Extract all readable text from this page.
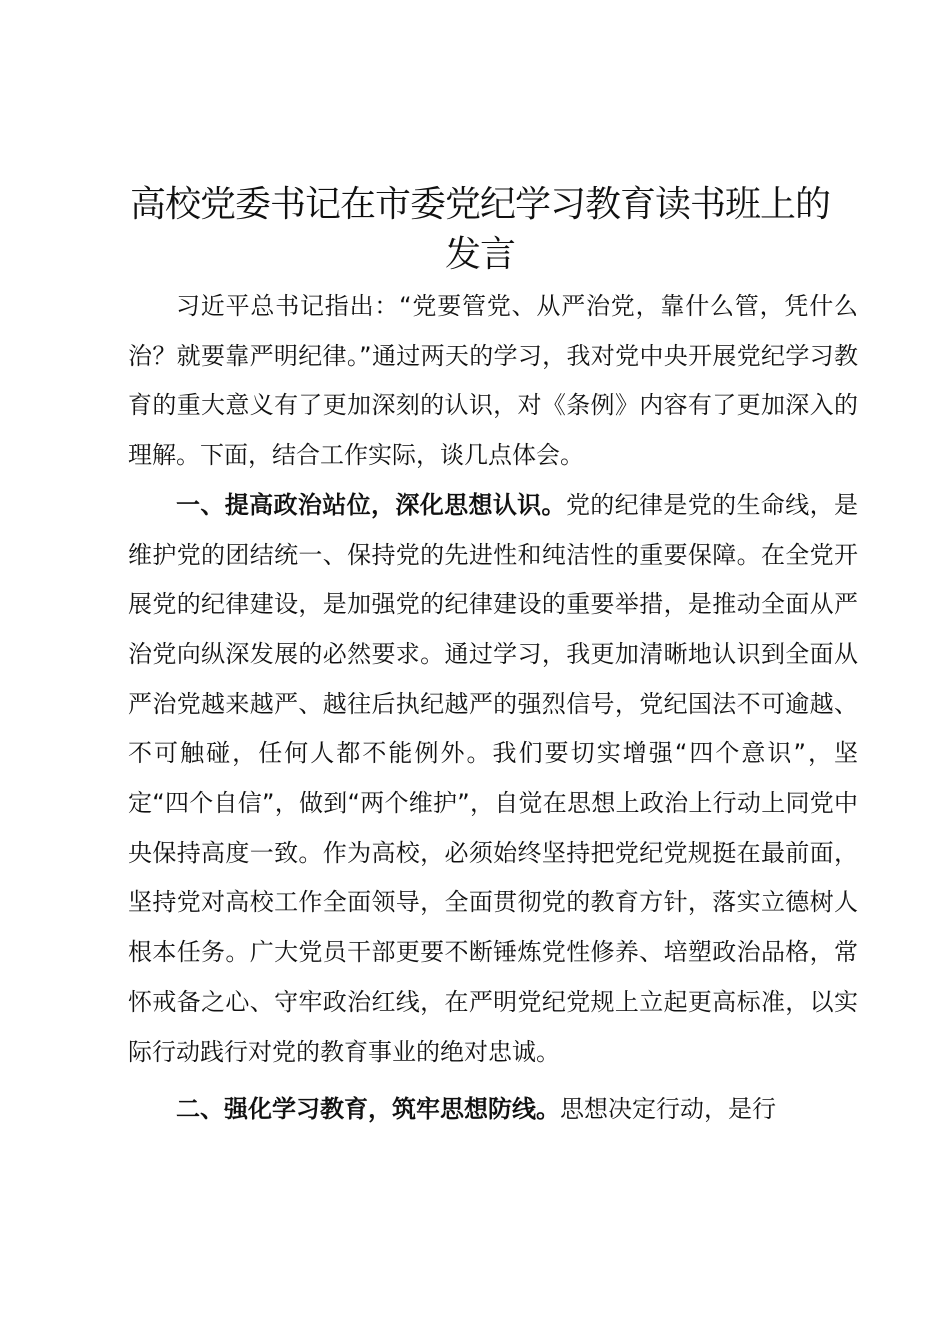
高校党委书记在市委党纪学习教育读书班上的
发言

习近平总书记指出：“党要管党、从严治党，靠什么管，凭什么治？就要靠严明纪律。”通过两天的学习，我对党中央开展党纪学习教育的重大意义有了更加深刻的认识，对《条例》内容有了更加深入的理解。下面，结合工作实际，谈几点体会。

一、提高政治站位，深化思想认识。党的纪律是党的生命线，是维护党的团结统一、保持党的先进性和纯洁性的重要保障。在全党开展党的纪律建设，是加强党的纪律建设的重要举措，是推动全面从严治党向纵深发展的必然要求。通过学习，我更加清晰地认识到全面从严治党越来越严、越往后执纪越严的强烈信号，党纪国法不可逾越、不可触碰，任何人都不能例外。我们要切实增强“四个意识”，坚定“四个自信”，做到“两个维护”，自觉在思想上政治上行动上同党中央保持高度一致。作为高校，必须始终坚持把党纪党规挺在最前面，坚持党对高校工作全面领导，全面贯彻党的教育方针，落实立德树人根本任务。广大党员干部更要不断锤炼党性修养、培塑政治品格，常怀戒备之心、守牢政治红线，在严明党纪党规上立起更高标准，以实际行动践行对党的教育事业的绝对忠诚。

二、强化学习教育，筑牢思想防线。思想决定行动，是行
